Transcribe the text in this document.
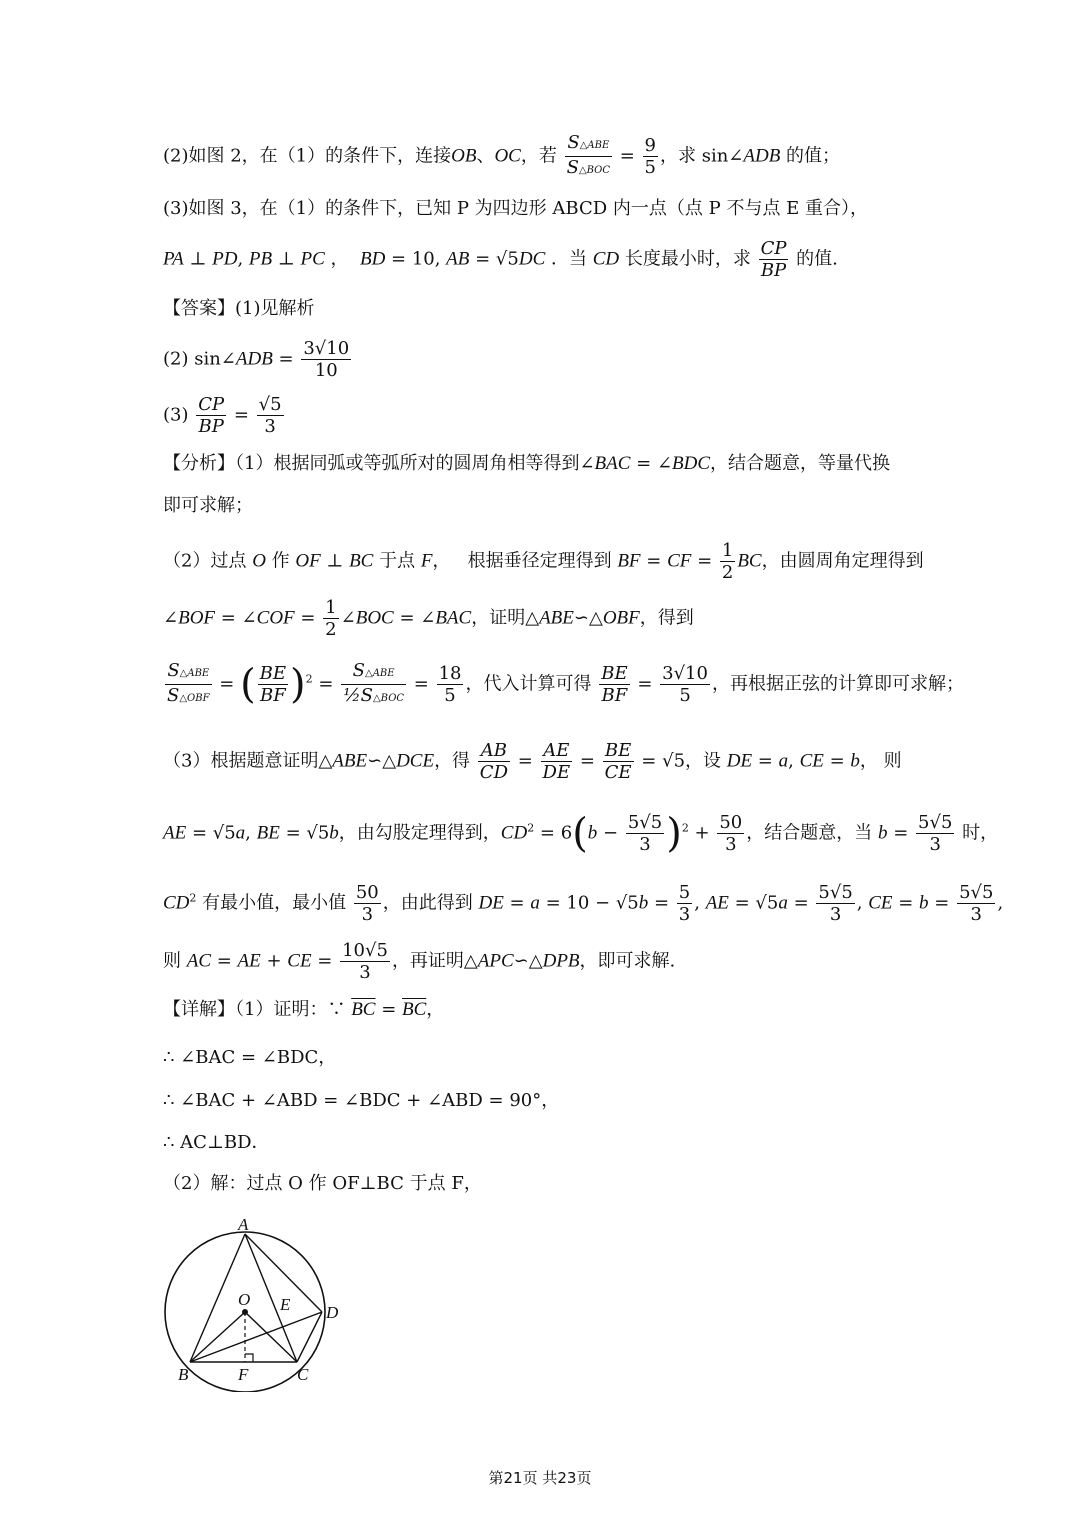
(2)如图 2，在（1）的条件下，连接OB、OC，若 $\frac{\text{S△ABE}}{\text{S△BOC}} = \frac{9}{5}$ ，求 sin∠ADB 的值；
(3)如图 3，在（1）的条件下，已知 P 为四边形 ABCD 内一点（点 P 不与点 E 重合），
PA ⊥ PD, PB ⊥ PC ，  BD = 10, AB = √5DC ．当 CD 长度最小时，求 $\frac{CP}{BP}$ 的值.
【答案】(1)见解析
(2) sin∠ADB = $\frac{3√10}{10}$
$(3) \frac{CP}{BP} = \frac{√5}{3}$
【分析】（1）根据同弧或等弧所对的圆周角相等得到∠BAC = ∠BDC，结合题意，等量代换
即可求解；
（2）过点 O 作 OF ⊥ BC 于点 F，   根据垂径定理得到 BF = CF = $\frac{1}{2}$ BC，由圆周角定理得到
∠BOF = ∠COF = $\frac{1}{2}$ ∠BOC = ∠BAC，证明△ABE∽△OBF，得到
$\frac{\text{S△ABE}}{\text{S△OBF}}$ = ( $\frac{BE}{BF} )^2 = \frac{\text{S△ABE}}{\text{½S△BOC}} = \frac{18}{5}$ ，代入计算可得 $\frac{BE}{BF} = \frac{3√10}{5}$ ，再根据正弦的计算即可求解；
（3）根据题意证明△ABE∽△DCE，得 $\frac{AB}{CD} = \frac{AE}{DE} = \frac{BE}{CE} = √5$，设 DE = a, CE = b， 则
AE = √5a, BE = √5b，由勾股定理得到，$CD^2 = 6(b - \frac{5√5}{3} )^2 + \frac{50}{3}$ ，结合题意，当 $b = \frac{5√5}{3}$ 时，
$CD^2$ 有最小值，最小值 $\frac{50}{3}$ ，由此得到 DE = $a = 10 - √5b = \frac{5}{3}$ , AE = $√5a = \frac{5√5}{3}$ , CE = $b = \frac{5√5}{3}$ ,
则 AC = AE + CE = $\frac{10√5}{3}$ ，再证明△APC∽△DPB，即可求解.
【详解】（1）证明：∵ $\overline{BC} = \overline{BC}$，
∴ ∠BAC = ∠BDC，
∴ ∠BAC + ∠ABD = ∠BDC + ∠ABD = 90°，
∴ AC⊥BD．
（2）解：过点 O 作 OF⊥BC 于点 F，
A
O E D
B	F	C
第21页 共23页
